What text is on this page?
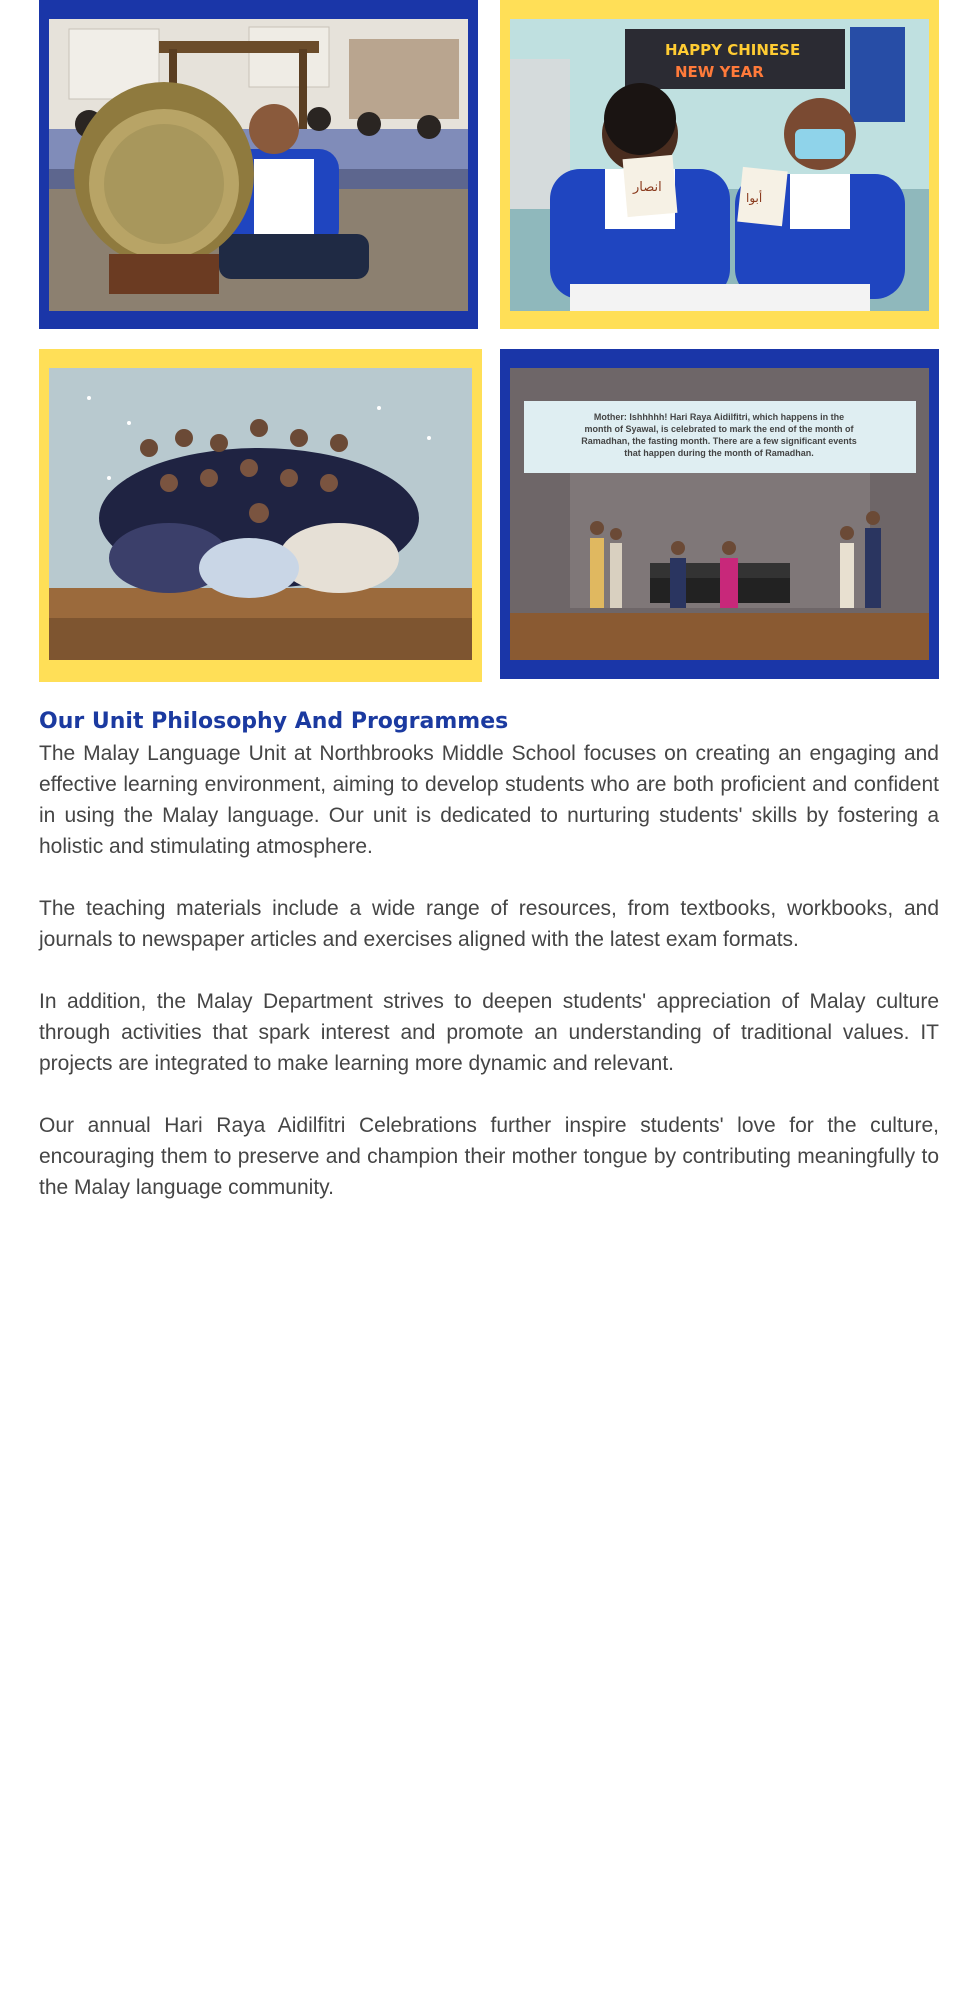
HAPPY CHINESE
NEW YEAR
انصار
أبوا
Mother: Ishhhhh! Hari Raya Aidilfitri, which happens in the
month of Syawal, is celebrated to mark the end of the month of
Ramadhan, the fasting month. There are a few significant events
that happen during the month of Ramadhan.
Our Unit Philosophy And Programmes

The Malay Language Unit at Northbrooks Middle School focuses on creating an engaging and effective learning environment, aiming to develop students who are both proficient and confident in using the Malay language. Our unit is dedicated to nurturing students' skills by fostering a holistic and stimulating atmosphere.

The teaching materials include a wide range of resources, from textbooks, workbooks, and journals to newspaper articles and exercises aligned with the latest exam formats.

In addition, the Malay Department strives to deepen students' appreciation of Malay culture through activities that spark interest and promote an understanding of traditional values. IT projects are integrated to make learning more dynamic and relevant.

Our annual Hari Raya Aidilfitri Celebrations further inspire students' love for the culture, encouraging them to preserve and champion their mother tongue by contributing meaningfully to the Malay language community.
